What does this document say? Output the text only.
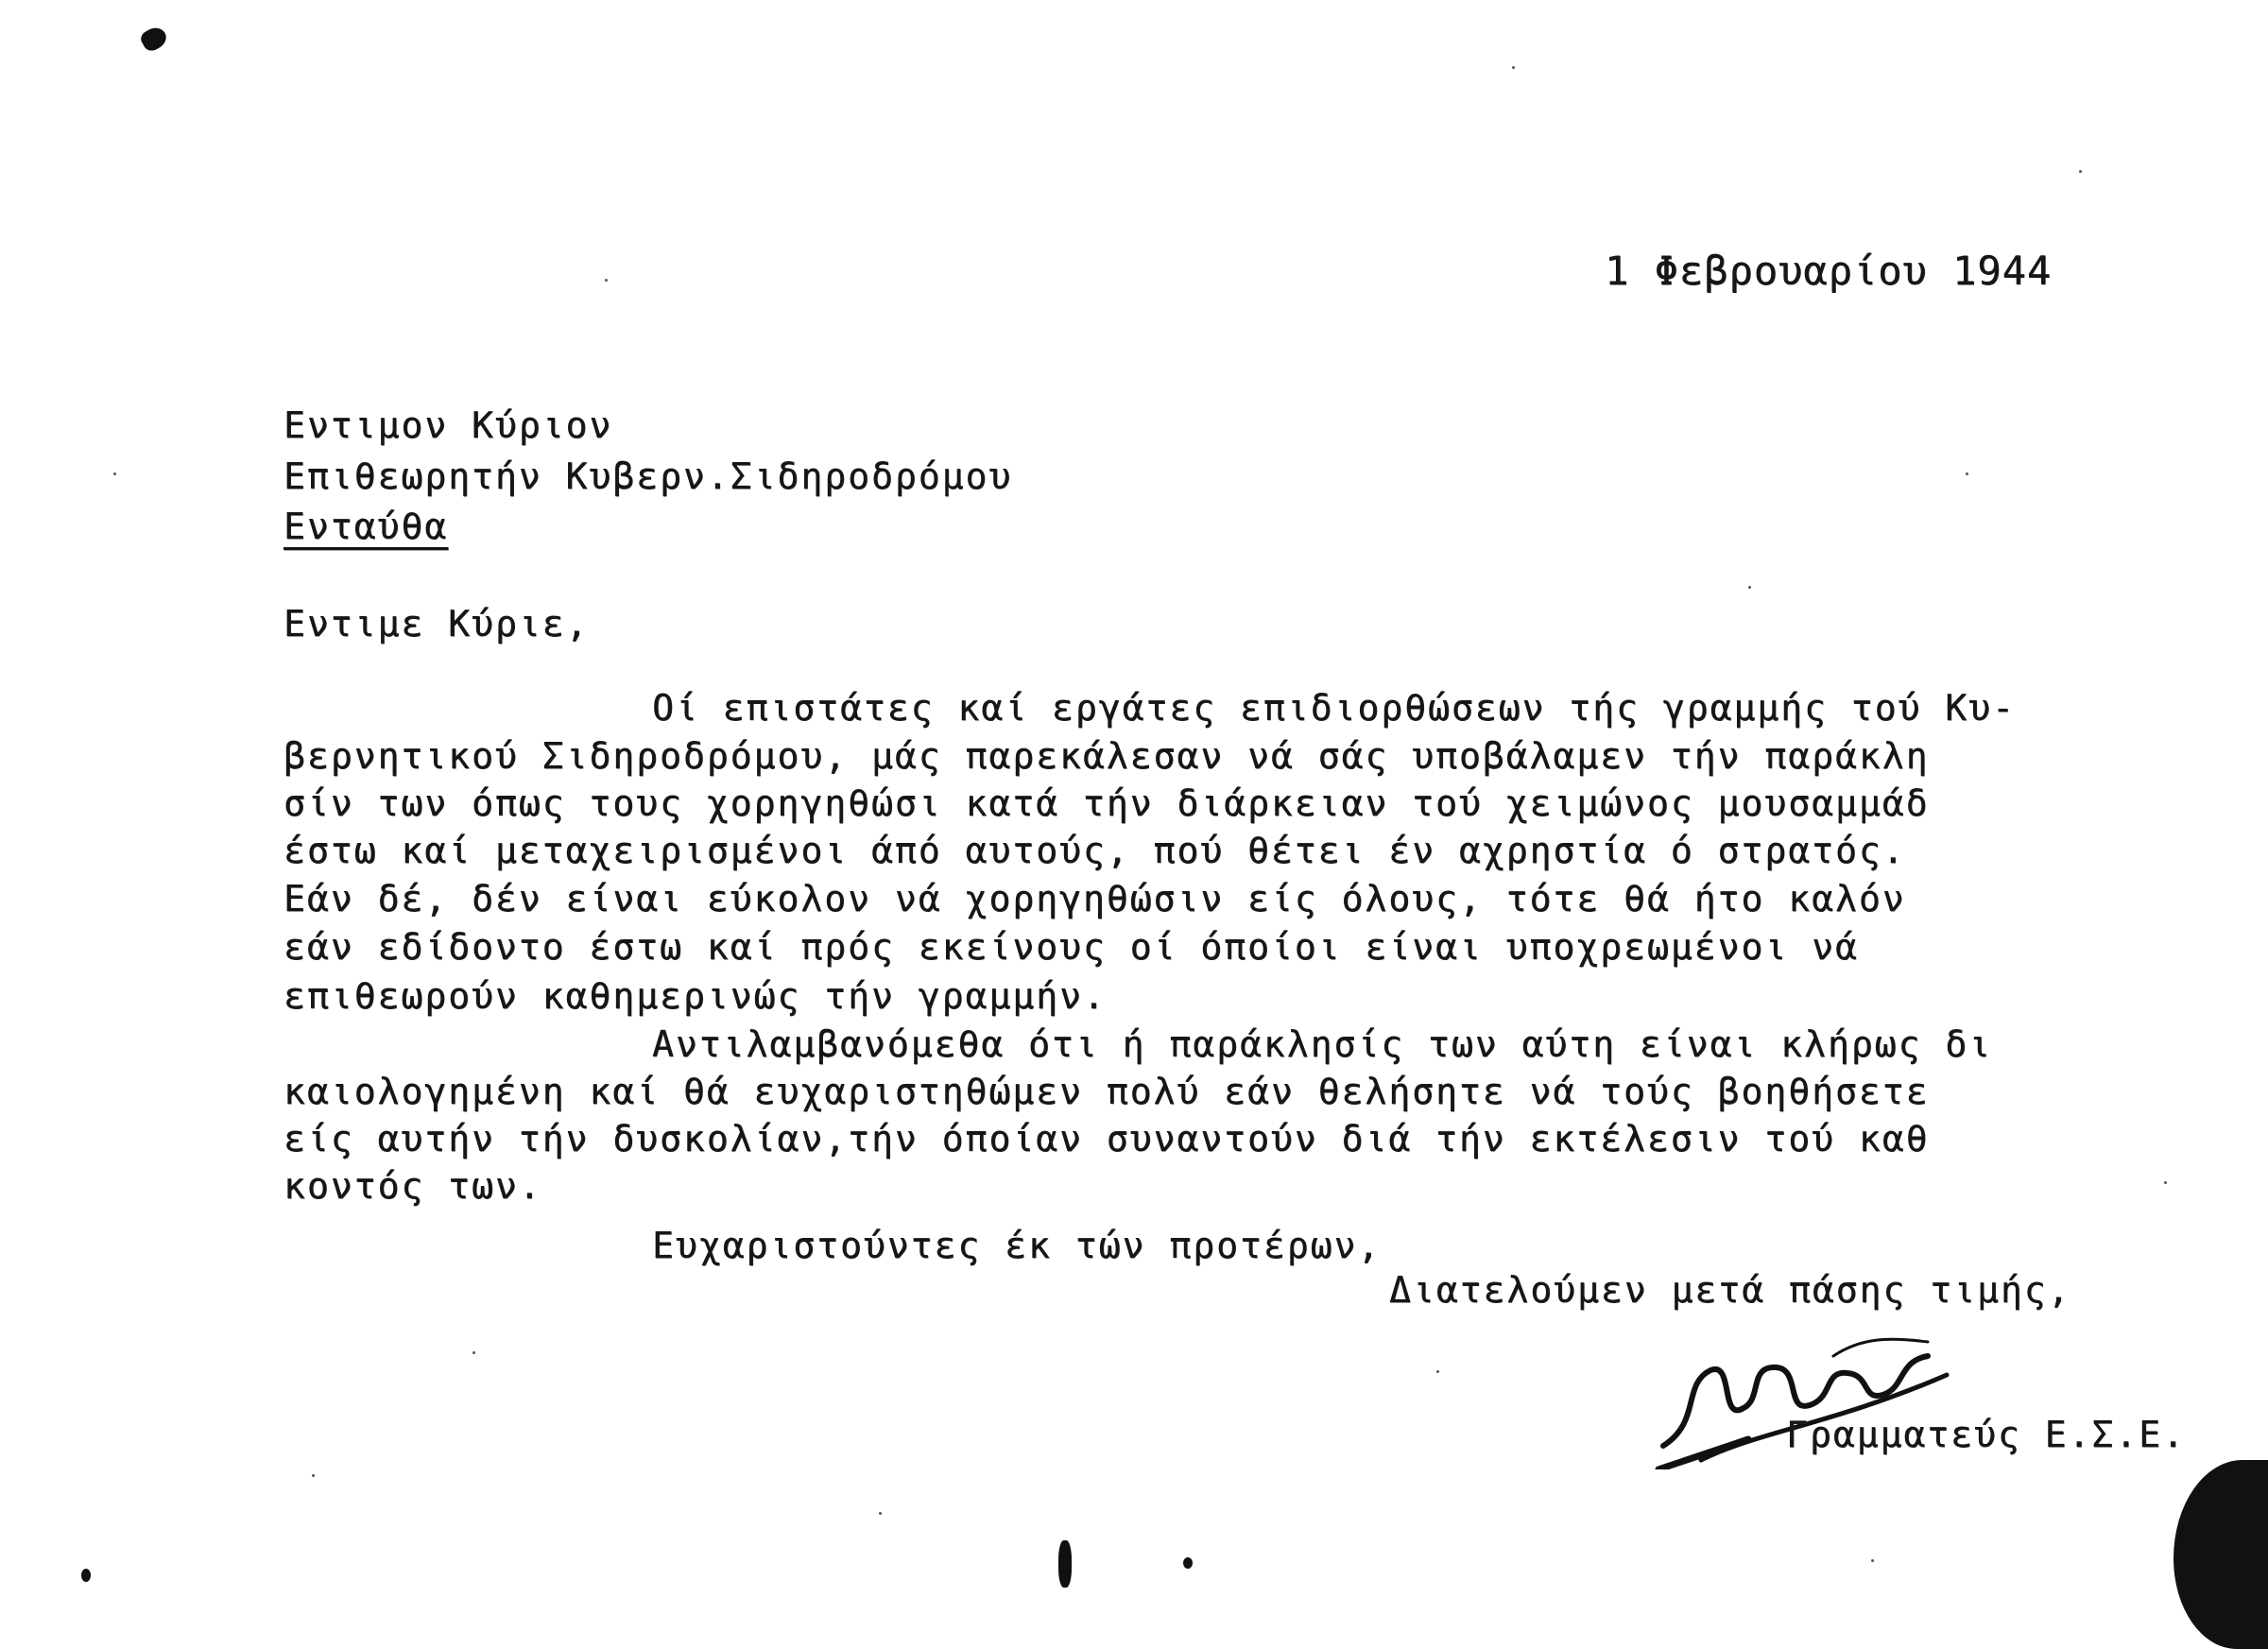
1 Φεβρουαρίου 1944
Εντιμον Κύριον
Επιθεωρητήν Κυβερν.Σιδηροδρόμου
Ενταύθα
Εντιμε Κύριε,
Οί επιστάτες καί εργάτες επιδιορθώσεων τής γραμμής τού Κυ-
βερνητικού Σιδηροδρόμου, μάς παρεκάλεσαν νά σάς υποβάλαμεν τήν παράκλη
σίν των όπως τους χορηγηθώσι κατά τήν διάρκειαν τού χειμώνος μουσαμμάδ
έστω καί μεταχειρισμένοι άπό αυτούς, πού θέτει έν αχρηστία ό στρατός.
Εάν δέ, δέν είναι εύκολον νά χορηγηθώσιν είς όλους, τότε θά ήτο καλόν
εάν εδίδοντο έστω καί πρός εκείνους οί όποίοι είναι υποχρεωμένοι νά
επιθεωρούν καθημερινώς τήν γραμμήν.
Αντιλαμβανόμεθα ότι ή παράκλησίς των αύτη είναι κλήρως δι
καιολογημένη καί θά ευχαριστηθώμεν πολύ εάν θελήσητε νά τούς βοηθήσετε
είς αυτήν τήν δυσκολίαν,τήν όποίαν συναντούν διά τήν εκτέλεσιν τού καθ
κοντός των.
Ευχαριστούντες έκ τών προτέρων,
Διατελούμεν μετά πάσης τιμής,
Γραμματεύς Ε.Σ.Ε.
